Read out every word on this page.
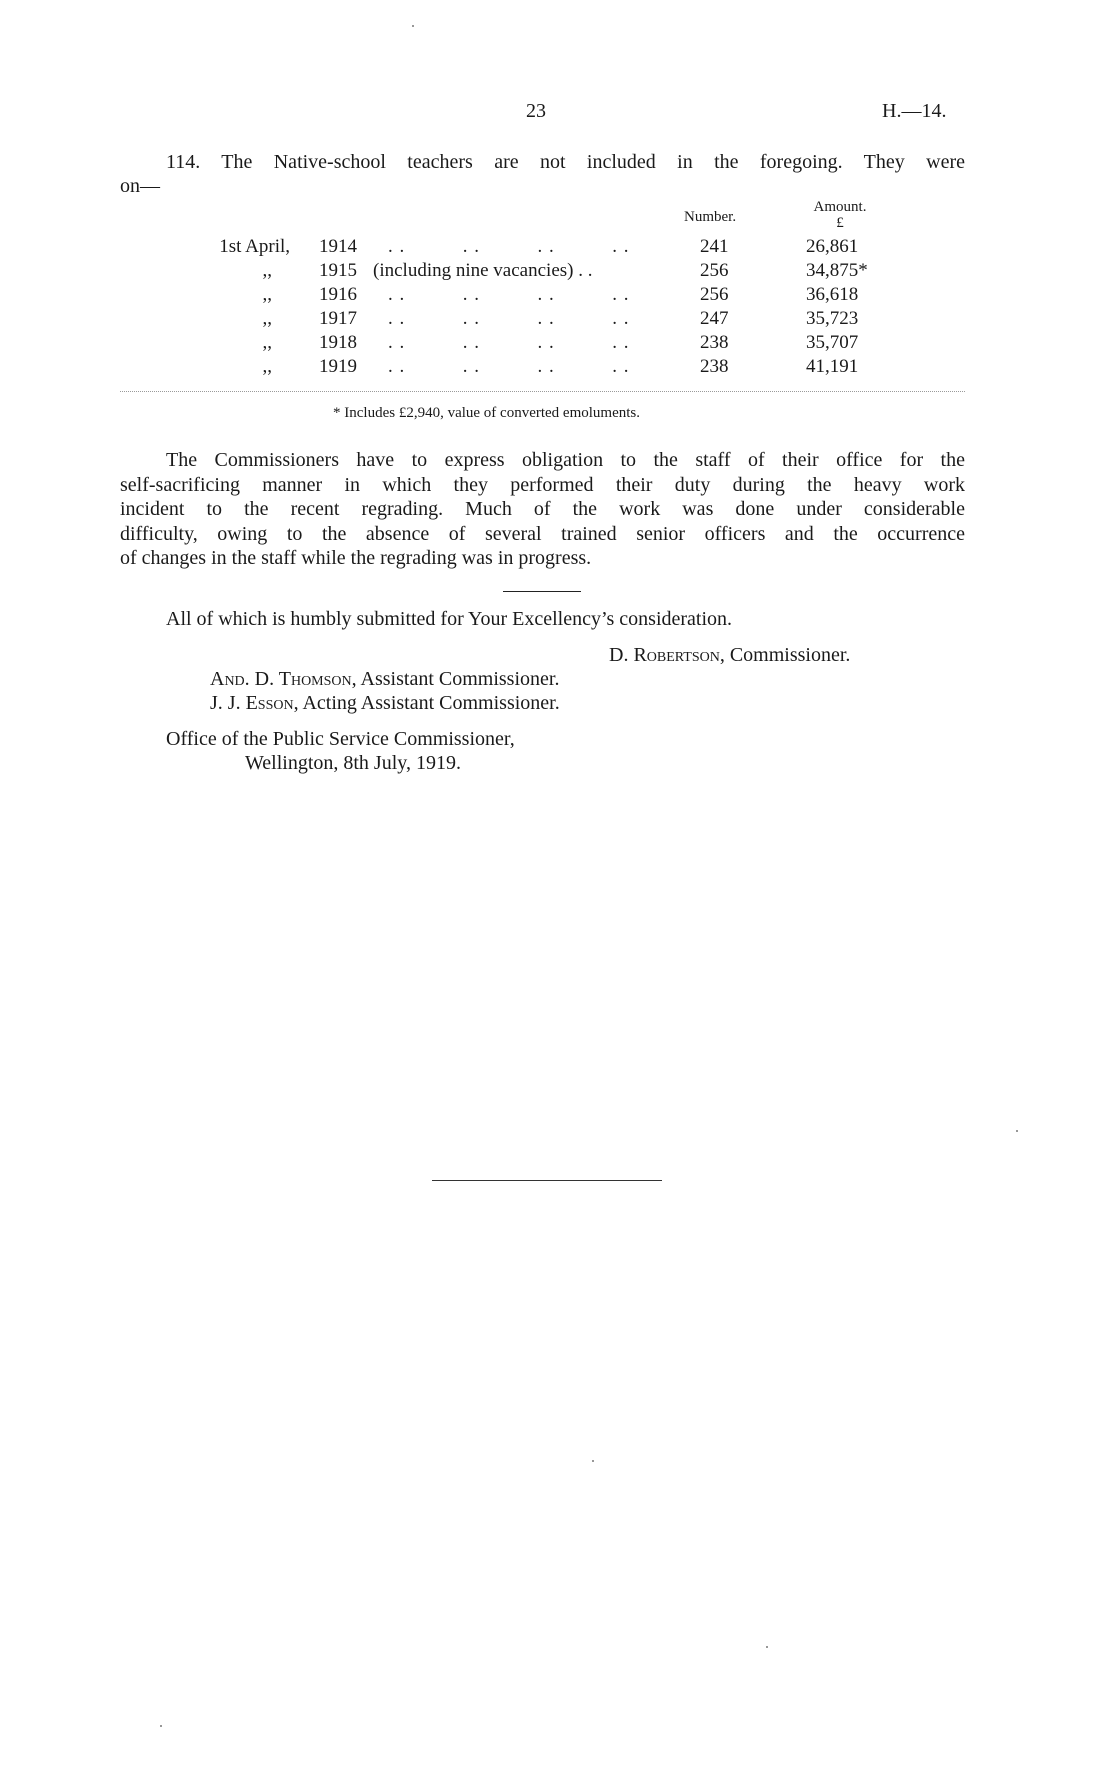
23	H.—14.
114. The Native-school teachers are not included in the foregoing. They were
on—
Number.
Amount.
£
1st April, 1914 . .          . .          . .          . .	241	26,861
,, 1915 (including nine vacancies) . .	256	34,875*
,, 1916 . .          . .          . .          . .	256	36,618
,, 1917 . .          . .          . .          . .	247	35,723
,, 1918 . .          . .          . .          . .	238	35,707
,, 1919 . .          . .          . .          . .	238	41,191
* Includes £2,940, value of converted emoluments.
The Commissioners have to express obligation to the staff of their office for the
self-sacrificing manner in which they performed their duty during the heavy work
incident to the recent regrading. Much of the work was done under considerable
difficulty, owing to the absence of several trained senior officers and the occurrence
of changes in the staff while the regrading was in progress.
All of which is humbly submitted for Your Excellency’s consideration.
D. Robertson, Commissioner.
And. D. Thomson, Assistant Commissioner.
J. J. Esson, Acting Assistant Commissioner.
Office of the Public Service Commissioner,
Wellington, 8th July, 1919.
